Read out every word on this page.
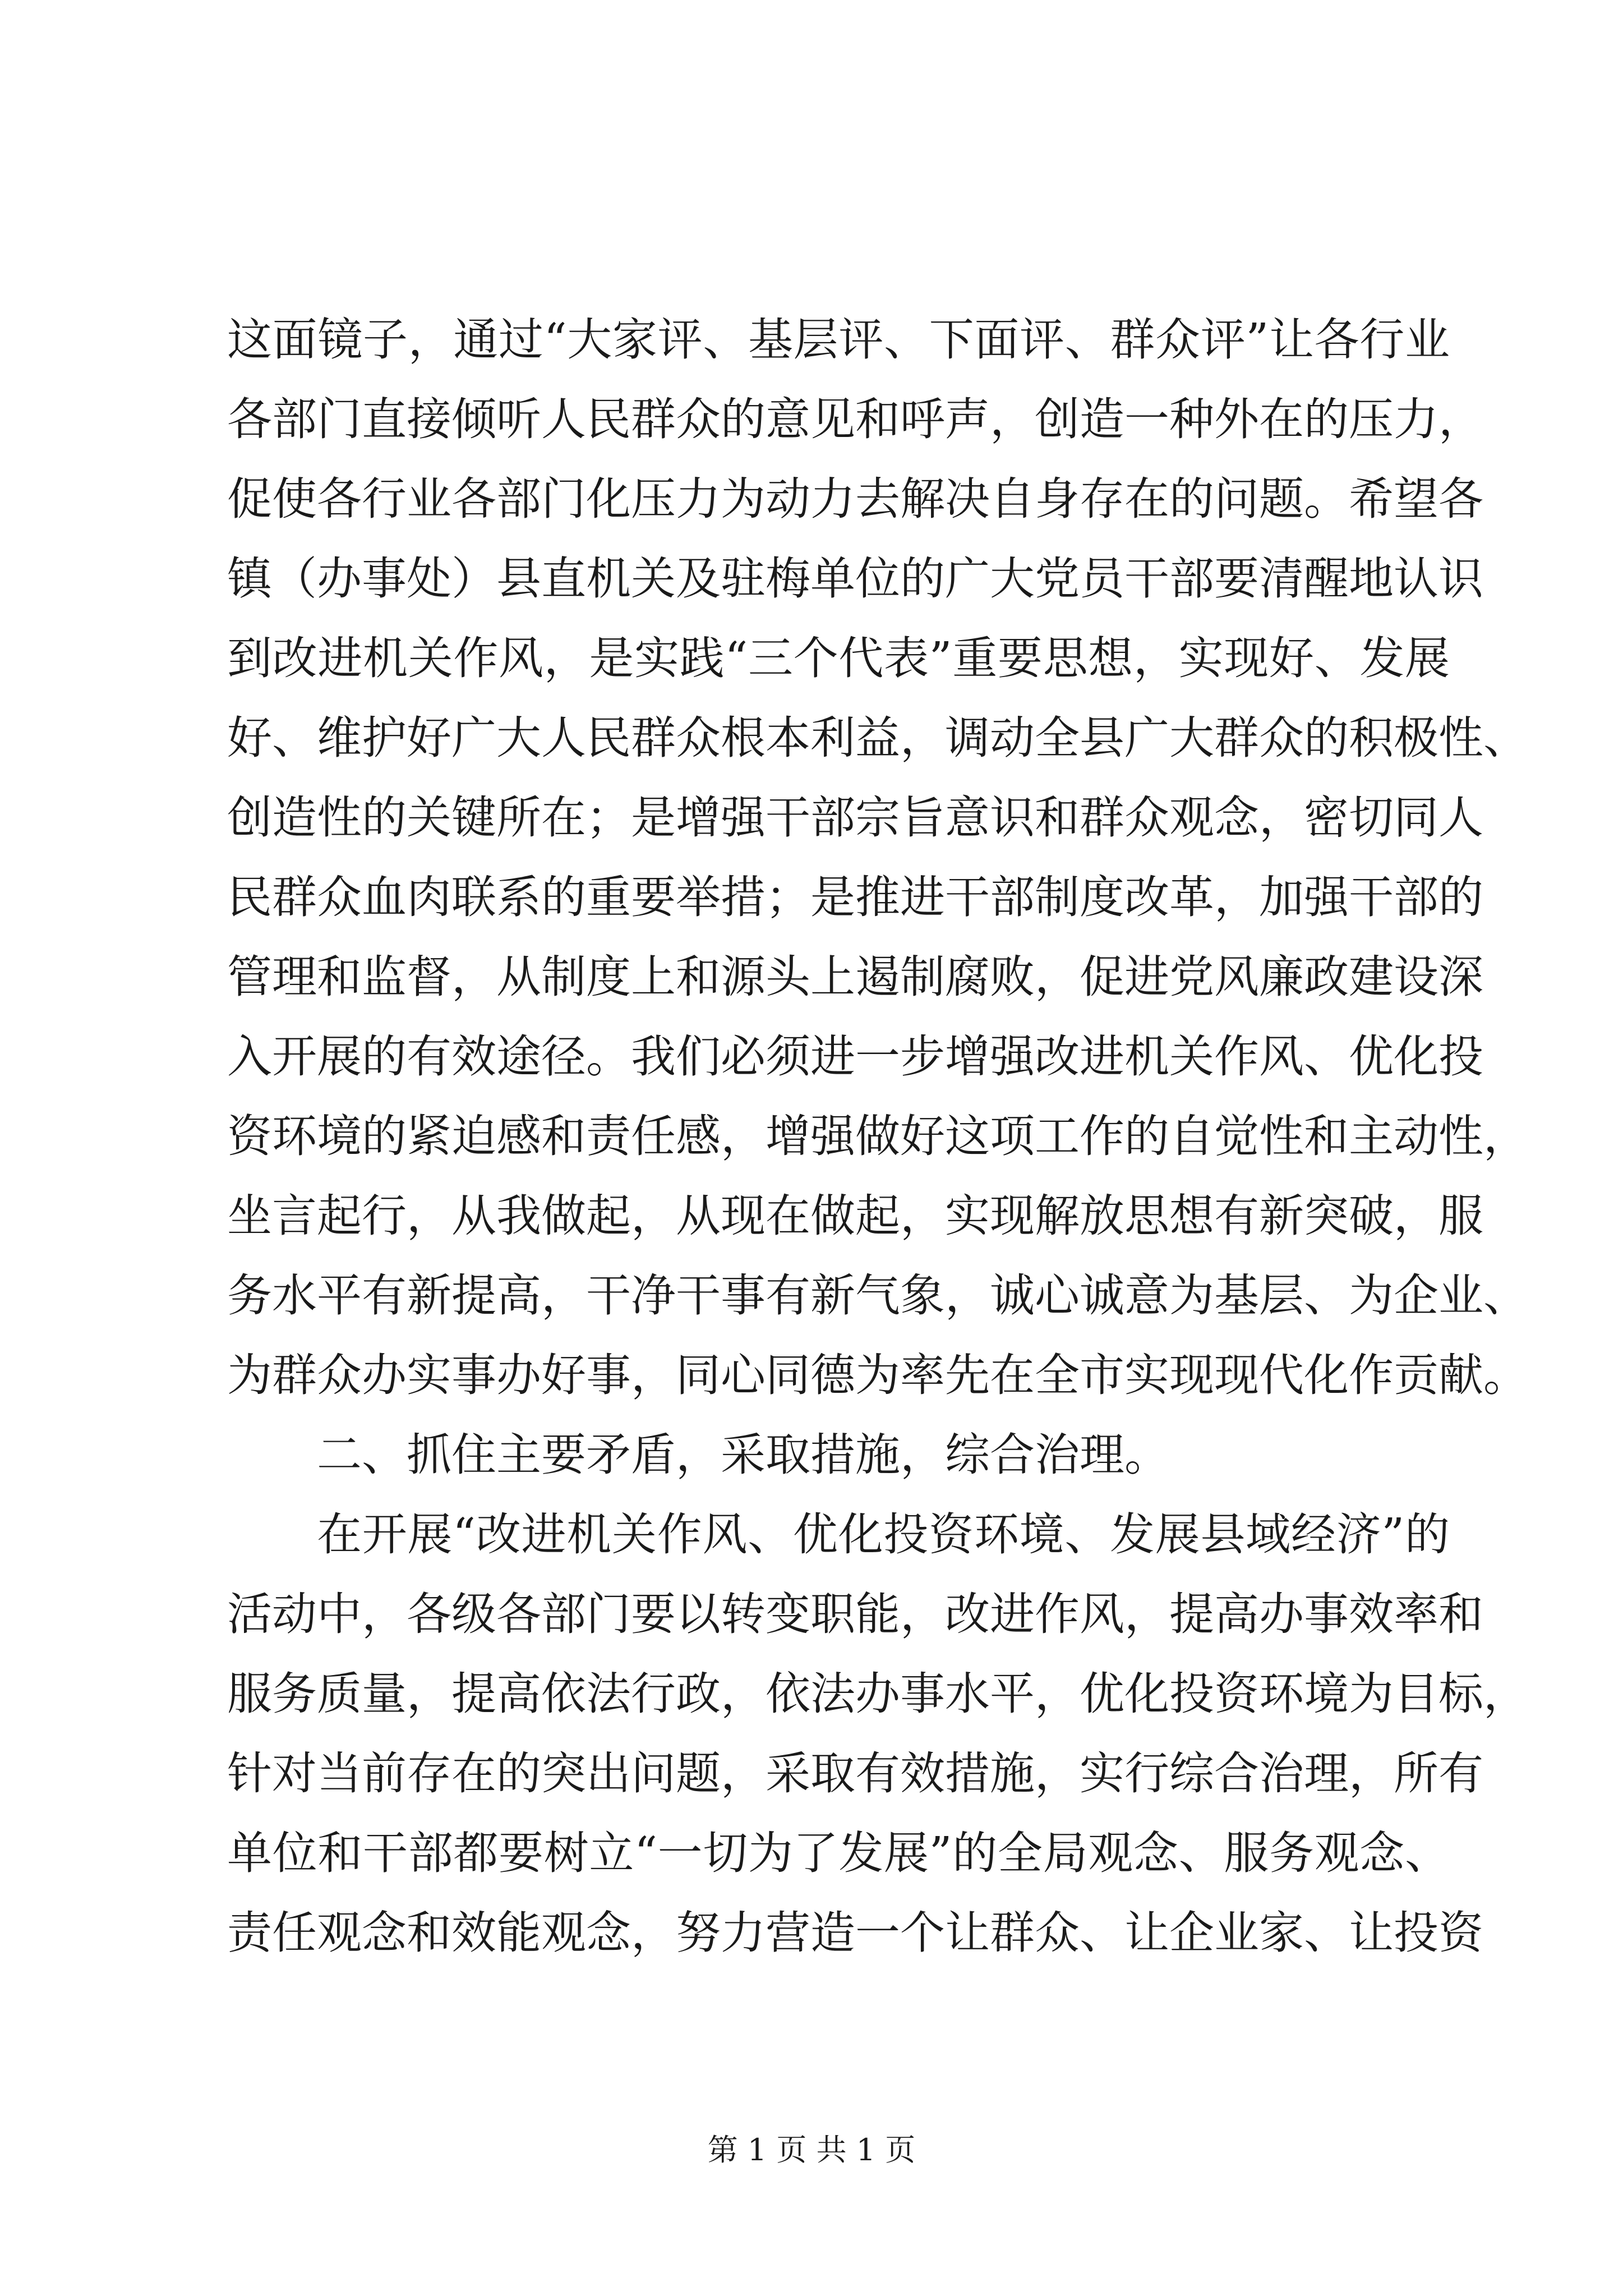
这面镜子，通过“大家评、基层评、下面评、群众评”让各行业
各部门直接倾听人民群众的意见和呼声，创造一种外在的压力，
促使各行业各部门化压力为动力去解决自身存在的问题。希望各
镇（办事处）县直机关及驻梅单位的广大党员干部要清醒地认识
到改进机关作风，是实践“三个代表”重要思想，实现好、发展
好、维护好广大人民群众根本利益，调动全县广大群众的积极性、
创造性的关键所在；是增强干部宗旨意识和群众观念，密切同人
民群众血肉联系的重要举措；是推进干部制度改革，加强干部的
管理和监督，从制度上和源头上遏制腐败，促进党风廉政建设深
入开展的有效途径。我们必须进一步增强改进机关作风、优化投
资环境的紧迫感和责任感，增强做好这项工作的自觉性和主动性，
坐言起行，从我做起，从现在做起，实现解放思想有新突破，服
务水平有新提高，干净干事有新气象，诚心诚意为基层、为企业、
为群众办实事办好事，同心同德为率先在全市实现现代化作贡献。
二、抓住主要矛盾，采取措施，综合治理。
在开展“改进机关作风、优化投资环境、发展县域经济”的
活动中，各级各部门要以转变职能，改进作风，提高办事效率和
服务质量，提高依法行政，依法办事水平，优化投资环境为目标，
针对当前存在的突出问题，采取有效措施，实行综合治理，所有
单位和干部都要树立“一切为了发展”的全局观念、服务观念、
责任观念和效能观念，努力营造一个让群众、让企业家、让投资
第 1 页 共 1 页
